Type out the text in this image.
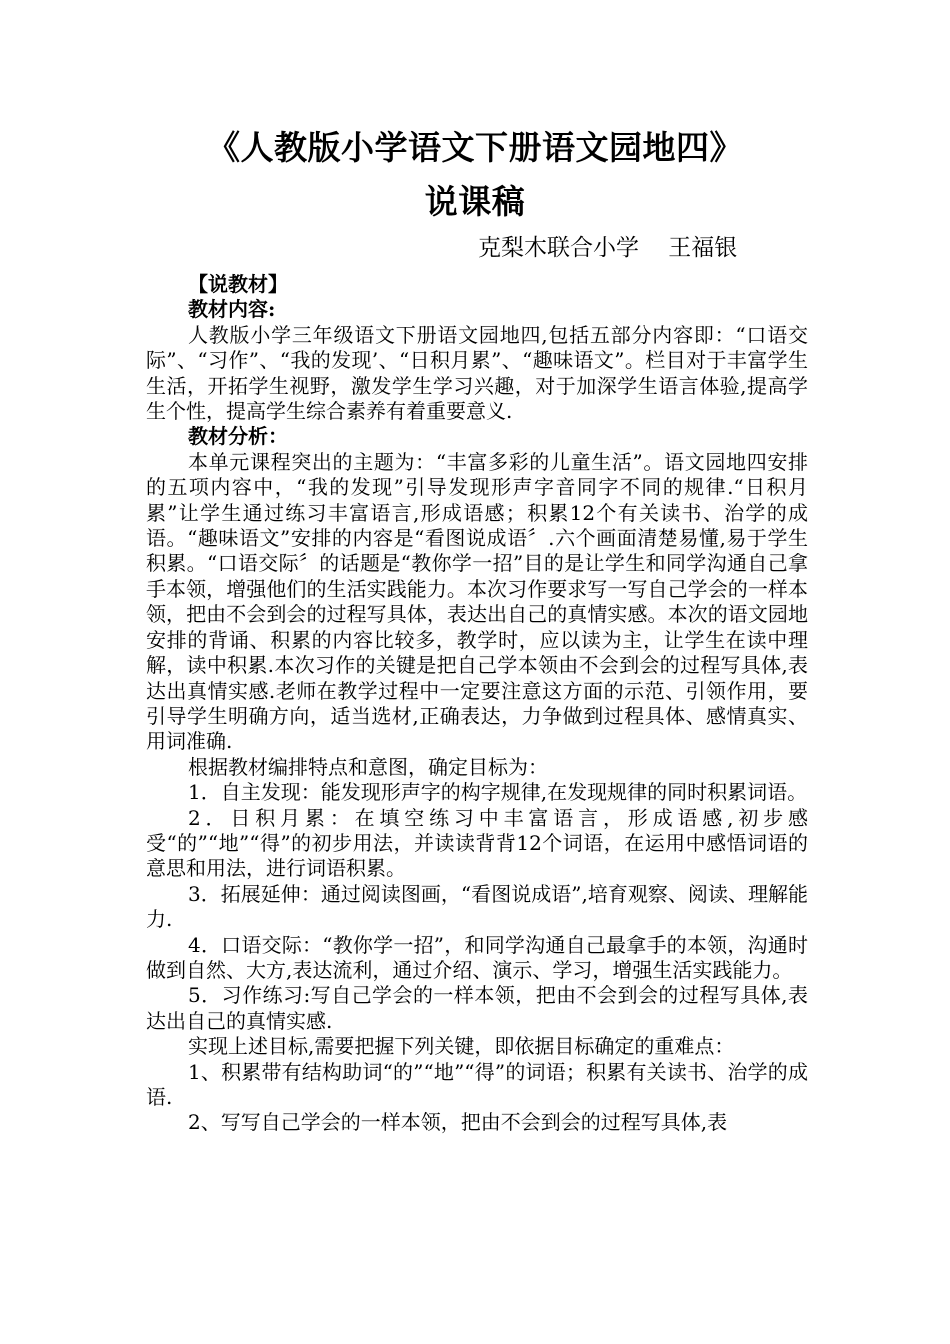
《人教版小学语文下册语文园地四》
说课稿
克梨木联合小学    王福银

【说教材】

教材内容:

人教版小学三年级语文下册语文园地四,包括五部分内容即：“口语交际”、“习作”、“我的发现’、“日积月累”、“趣味语文”。栏目对于丰富学生生活，开拓学生视野，激发学生学习兴趣，对于加深学生语言体验,提高学生个性，提高学生综合素养有着重要意义.

教材分析：

本单元课程突出的主题为：“丰富多彩的儿童生活”。语文园地四安排的五项内容中，“我的发现”引导发现形声字音同字不同的规律.“日积月累”让学生通过练习丰富语言,形成语感；积累12个有关读书、治学的成语。“趣味语文”安排的内容是“看图说成语〞.六个画面清楚易懂,易于学生积累。“口语交际〞的话题是“教你学一招”目的是让学生和同学沟通自己拿手本领，增强他们的生活实践能力。本次习作要求写一写自己学会的一样本领，把由不会到会的过程写具体，表达出自己的真情实感。本次的语文园地安排的背诵、积累的内容比较多，教学时，应以读为主，让学生在读中理解，读中积累.本次习作的关键是把自己学本领由不会到会的过程写具体,表达出真情实感.老师在教学过程中一定要注意这方面的示范、引领作用，要引导学生明确方向，适当选材,正确表达，力争做到过程具体、感情真实、用词准确.

根据教材编排特点和意图，确定目标为：

1．自主发现：能发现形声字的构字规律,在发现规律的同时积累词语。

2．日积月累：在填空练习中丰富语言，形成语感,初步感受“的”“地”“得”的初步用法，并读读背背12个词语，在运用中感悟词语的意思和用法，进行词语积累。

3．拓展延伸：通过阅读图画，“看图说成语”,培育观察、阅读、理解能力.

4．口语交际：“教你学一招”，和同学沟通自己最拿手的本领，沟通时做到自然、大方,表达流利，通过介绍、演示、学习，增强生活实践能力。

5．习作练习:写自己学会的一样本领，把由不会到会的过程写具体,表达出自己的真情实感.

实现上述目标,需要把握下列关键，即依据目标确定的重难点：

1、积累带有结构助词“的”“地”“得”的词语；积累有关读书、治学的成语.

2、写写自己学会的一样本领，把由不会到会的过程写具体,表
